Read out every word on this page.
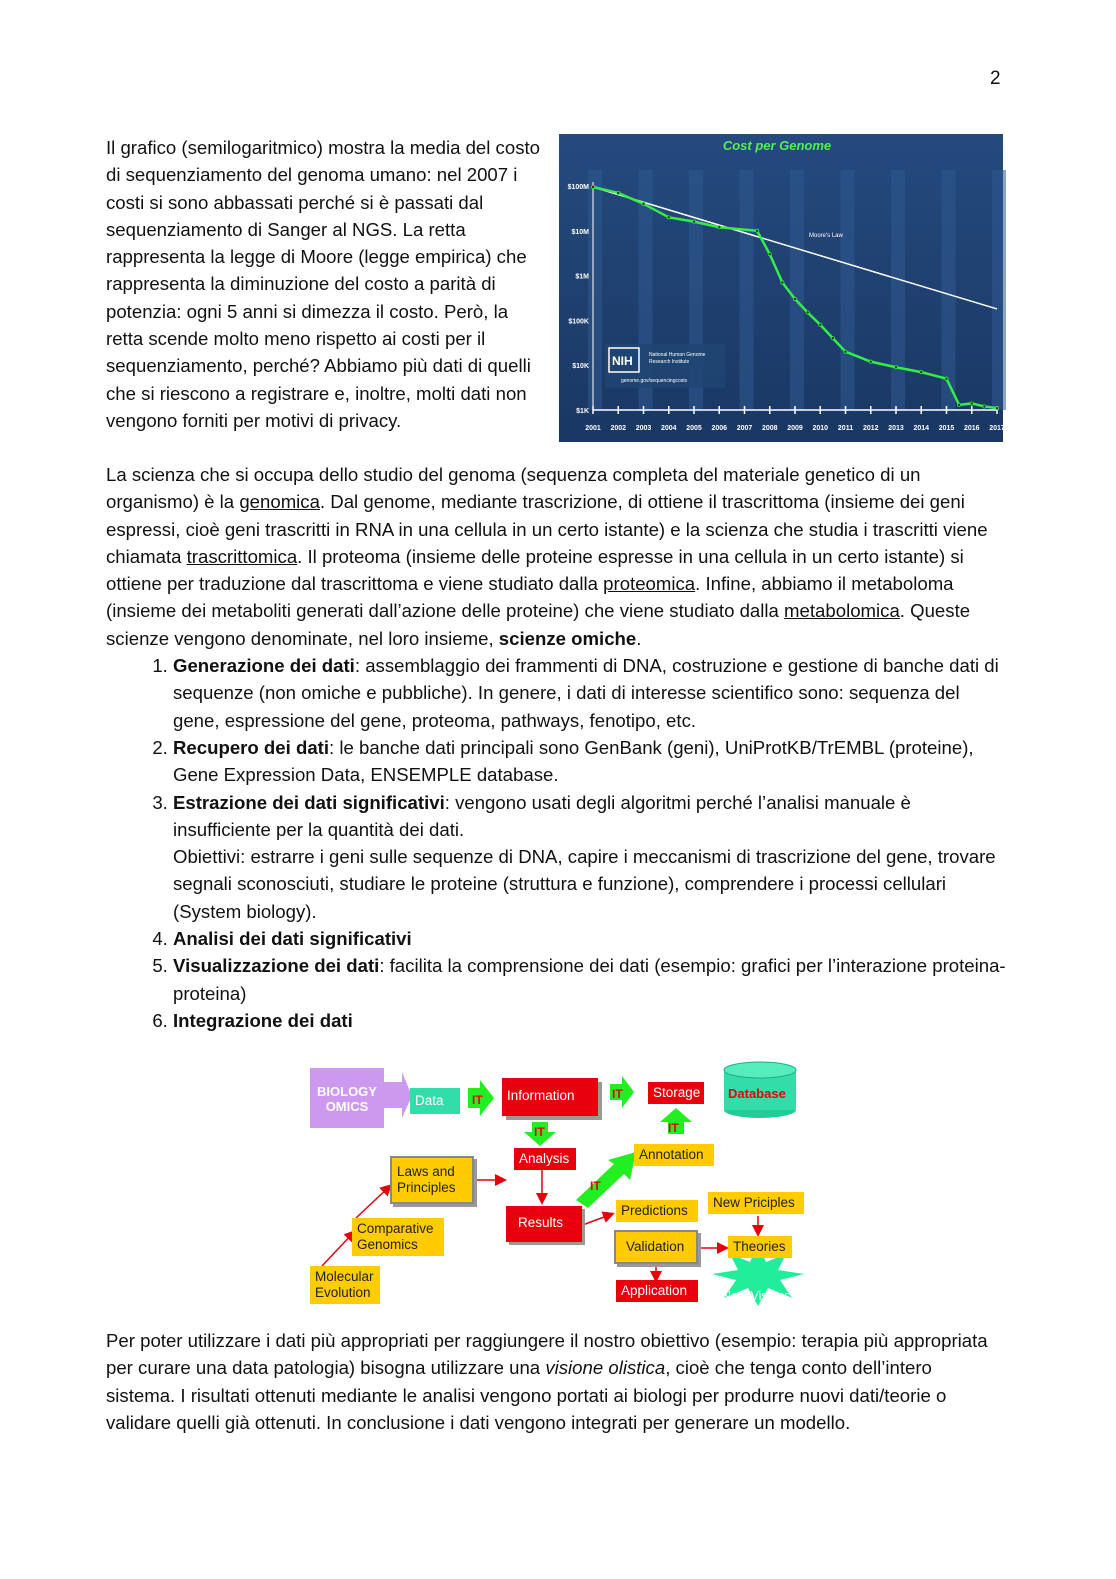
2
Il grafico (semilogaritmico) mostra la media del costo di sequenziamento del genoma umano: nel 2007 i costi si sono abbassati perché si è passati dal sequenziamento di Sanger al NGS. La retta rappresenta la legge di Moore (legge empirica) che rappresenta la diminuzione del costo a parità di potenzia: ogni 5 anni si dimezza il costo. Però, la retta scende molto meno rispetto ai costi per il sequenziamento, perché? Abbiamo più dati di quelli che si riescono a registrare e, inoltre, molti dati non vengono forniti per motivi di privacy.
Cost per Genome
$100M
$10M
$1M
$100K
$10K
$1K
2001 2002 2003 2004 2005 2006 2007 2008 2009 2010 2011 2012 2013 2014 2015 2016 2017
Moore's Law
NIH	National Human Genome
Research Institute
genome.gov/sequencingcosts

La scienza che si occupa dello studio del genoma (sequenza completa del materiale genetico di un organismo) è la genomica. Dal genome, mediante trascrizione, di ottiene il trascrittoma (insieme dei geni espressi, cioè geni trascritti in RNA in una cellula in un certo istante) e la scienza che studia i trascritti viene chiamata trascrittomica. Il proteoma (insieme delle proteine espresse in una cellula in un certo istante) si ottiene per traduzione dal trascrittoma e viene studiato dalla proteomica. Infine, abbiamo il metaboloma (insieme dei metaboliti generati dall’azione delle proteine) che viene studiato dalla metabolomica. Queste scienze vengono denominate, nel loro insieme, scienze omiche.

1. Generazione dei dati: assemblaggio dei frammenti di DNA, costruzione e gestione di banche dati di sequenze (non omiche e pubbliche). In genere, i dati di interesse scientifico sono: sequenza del gene, espressione del gene, proteoma, pathways, fenotipo, etc.
2. Recupero dei dati: le banche dati principali sono GenBank (geni), UniProtKB/TrEMBL (proteine), Gene Expression Data, ENSEMPLE database.
3. Estrazione dei dati significativi: vengono usati degli algoritmi perché l’analisi manuale è insufficiente per la quantità dei dati.
Obiettivi: estrarre i geni sulle sequenze di DNA, capire i meccanismi di trascrizione del gene, trovare segnali sconosciuti, studiare le proteine (struttura e funzione), comprendere i processi cellulari (System biology).
4. Analisi dei dati significativi
5. Visualizzazione dei dati: facilita la comprensione dei dati (esempio: grafici per l’interazione proteina-proteina)
6. Integrazione dei dati
IT	IT
IT	IT
IT
Database
New Visions
BIOLOGY
OMICS	Data	Information	Storage
Analysis	Annotation
Laws and
Principles
Results
Predictions
New Priciples
Comparative
Genomics	Validation	Theories
Molecular
Evolution	Application
Per poter utilizzare i dati più appropriati per raggiungere il nostro obiettivo (esempio: terapia più appropriata per curare una data patologia) bisogna utilizzare una visione olistica, cioè che tenga conto dell’intero sistema. I risultati ottenuti mediante le analisi vengono portati ai biologi per produrre nuovi dati/teorie o validare quelli già ottenuti. In conclusione i dati vengono integrati per generare un modello.
